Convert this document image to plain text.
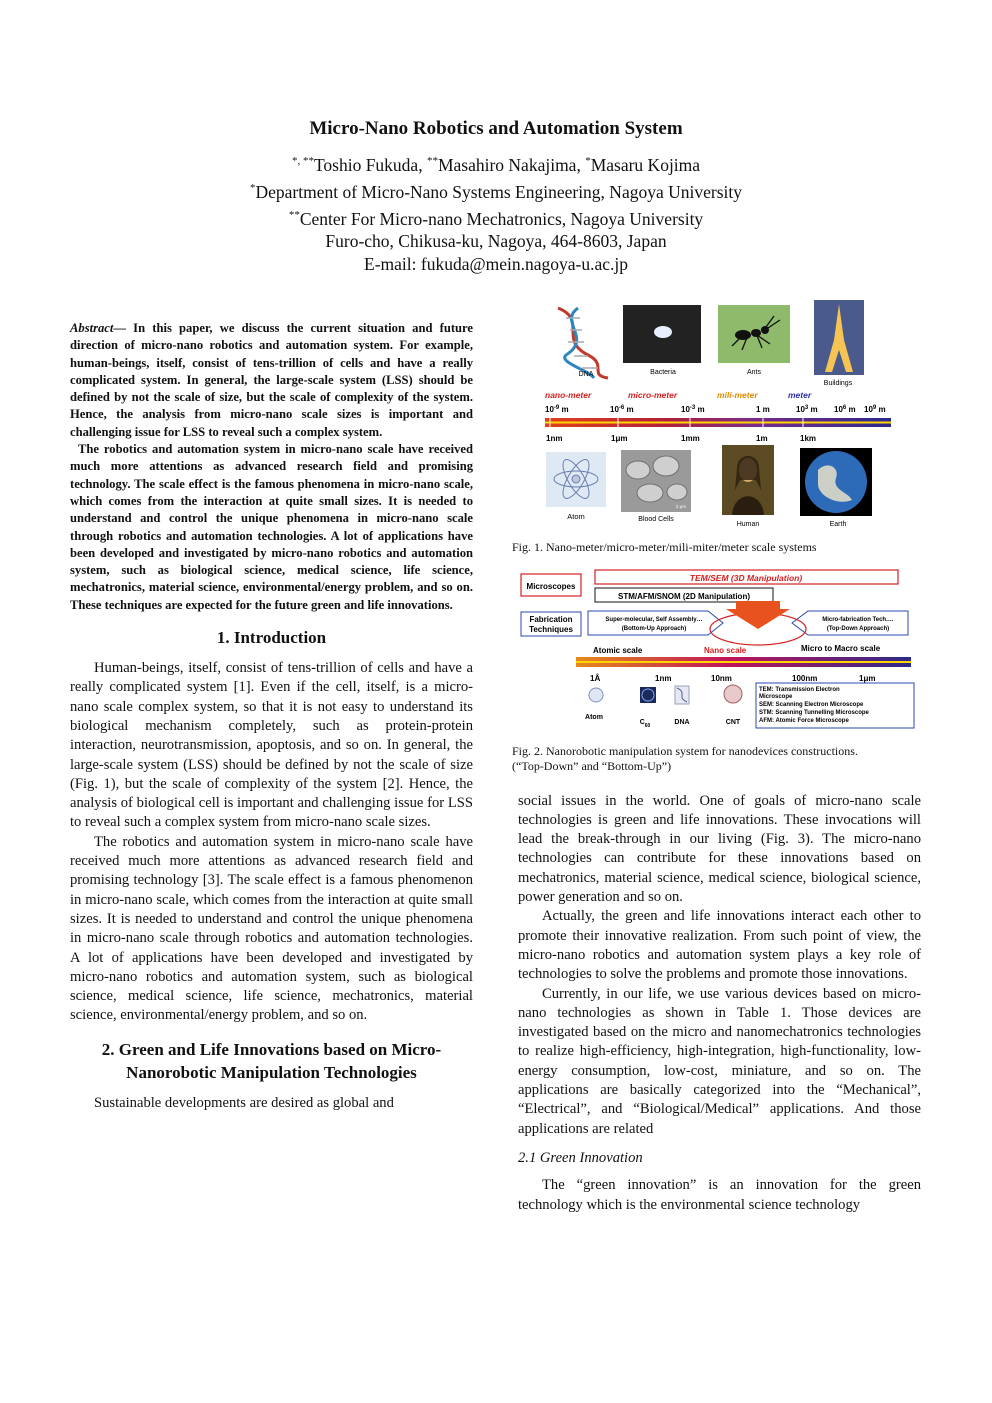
Micro-Nano Robotics and Automation System
*, **Toshio Fukuda, **Masahiro Nakajima, *Masaru Kojima
*Department of Micro-Nano Systems Engineering, Nagoya University
**Center For Micro-nano Mechatronics, Nagoya University
Furo-cho, Chikusa-ku, Nagoya, 464-8603, Japan
E-mail: fukuda@mein.nagoya-u.ac.jp

Abstract— In this paper, we discuss the current situation and future direction of micro-nano robotics and automation system. For example, human-beings, itself, consist of tens-trillion of cells and have a really complicated system. In general, the large-scale system (LSS) should be defined by not the scale of size, but the scale of complexity of the system. Hence, the analysis from micro-nano scale sizes is important and challenging issue for LSS to reveal such a complex system.

The robotics and automation system in micro-nano scale have received much more attentions as advanced research field and promising technology. The scale effect is the famous phenomena in micro-nano scale, which comes from the interaction at quite small sizes. It is needed to understand and control the unique phenomena in micro-nano scale through robotics and automation technologies. A lot of applications have been developed and investigated by micro-nano robotics and automation system, such as biological science, medical science, life science, mechatronics, material science, environmental/energy problem, and so on. These techniques are expected for the future green and life innovations.

1. Introduction

Human-beings, itself, consist of tens-trillion of cells and have a really complicated system [1]. Even if the cell, itself, is a micro-nano scale complex system, so that it is not easy to understand its biological mechanism completely, such as protein-protein interaction, neurotransmission, apoptosis, and so on. In general, the large-scale system (LSS) should be defined by not the scale of size (Fig. 1), but the scale of complexity of the system [2]. Hence, the analysis of biological cell is important and challenging issue for LSS to reveal such a complex system from micro-nano scale sizes.

The robotics and automation system in micro-nano scale have received much more attentions as advanced research field and promising technology [3]. The scale effect is a famous phenomenon in micro-nano scale, which comes from the interaction at quite small sizes. It is needed to understand and control the unique phenomena in micro-nano scale through robotics and automation technologies. A lot of applications have been developed and investigated by micro-nano robotics and automation system, such as biological science, medical science, life science, mechatronics, material science, environmental/energy problem, and so on.

2. Green and Life Innovations based on Micro-Nanorobotic Manipulation Technologies

Sustainable developments are desired as global and

DNA	Bacteria	Ants
Buildings
nano-meter	micro-meter	mili-meter	meter
$10^{-9}$ m	$10^{-6}$ m	$10^{-3}$ m	1 m	$10^3$ m $10^6$ m $10^9$ m
1nm	1μm	1mm	1m	1km
Atom
2 μm
Blood Cells
Human	Earth
Fig. 1. Nano-meter/micro-meter/mili-miter/meter scale systems
Microscopes
TEM/SEM (3D Manipulation)
STM/AFM/SNOM (2D Manipulation)
Fabrication
Techniques
Super-molecular, Self Assembly…
(Bottom-Up Approach)
Micro-fabrication Tech.…
(Top-Down Approach)
Atomic scale	Nano scale	Micro to Macro scale
1Å	1nm	10nm	100nm	1μm
Atom
$C_{60}$	DNA	CNT
TEM: Transmission Electron
Microscope
SEM: Scanning Electron Microscope
STM: Scanning Tunnelling Microscope
AFM: Atomic Force Microscope
Fig. 2. Nanorobotic manipulation system for nanodevices constructions.
(“Top-Down” and “Bottom-Up”)

social issues in the world. One of goals of micro-nano scale technologies is green and life innovations. These invocations will lead the break-through in our living (Fig. 3). The micro-nano technologies can contribute for these innovations based on mechatronics, material science, medical science, biological science, power generation and so on.

Actually, the green and life innovations interact each other to promote their innovative realization. From such point of view, the micro-nano robotics and automation system plays a key role of technologies to solve the problems and promote those innovations.

Currently, in our life, we use various devices based on micro-nano technologies as shown in Table 1. Those devices are investigated based on the micro and nanomechatronics technologies to realize high-efficiency, high-integration, high-functionality, low-energy consumption, low-cost, miniature, and so on. The applications are basically categorized into the “Mechanical”, “Electrical”, and “Biological/Medical” applications. And those applications are related

2.1 Green Innovation

The “green innovation” is an innovation for the green technology which is the environmental science technology
